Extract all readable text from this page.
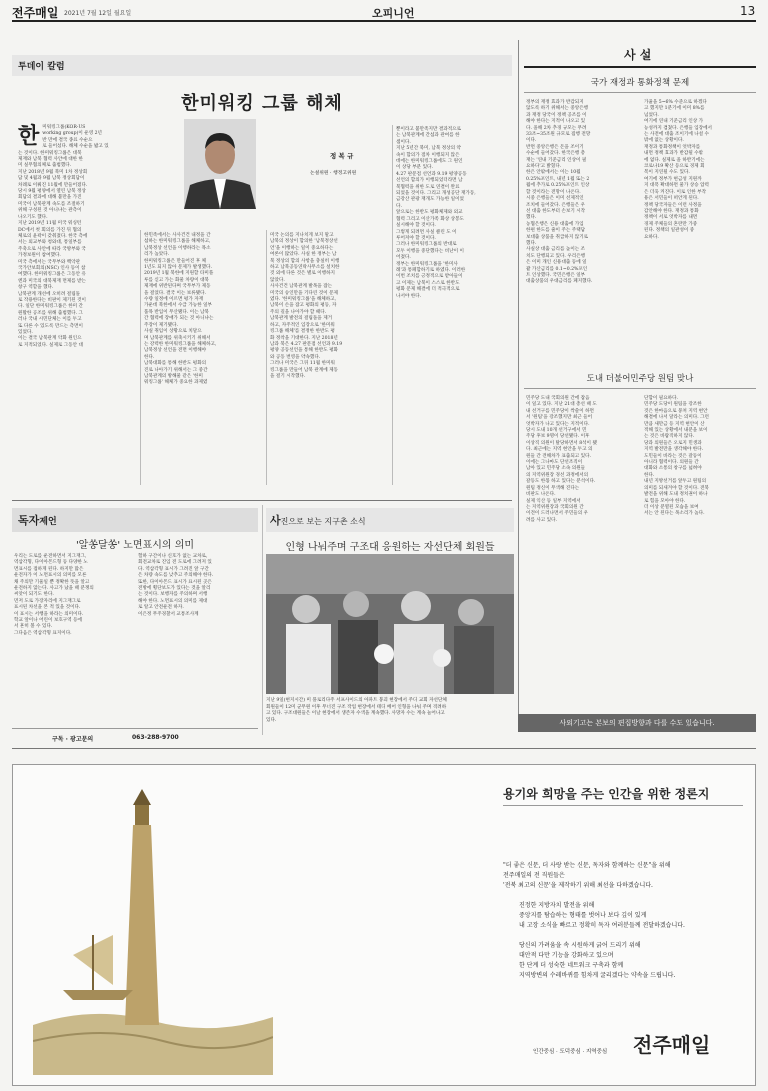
전주매일 2021년 7월 12일 월요일	오피니언	13
투데이 칼럼
한미워킹 그룹 해체
정 복 규
논설위원 · 행정고위원
한 미워킹그룹(KOR-US
working group)이 운영 2년
반 만에 결국 종료 수순으
로 들어섰다. 해체 수순을 밟고 있
는 것이다. 한미워킹그룹은 대북
제재와 남북 협력 사안에 대한 한
미 실무협의체로 출범했다.
지난 2018년 9월 북미 1차 정상회
담 및 4월과 9월 남북 정상회담이
차례로 이뤄진 11월에 만들어졌다.
당시 9월 평양에서 열린 남북 정상
회담의 결과에 대해 불만을 가진
미국이 남북관계 속도를 조절하기
위해 구성된 것 아니냐는 관측이
나오기도 했다.
지난 2019년 11월 미국 워싱턴
DC에서 첫 회의를 가진 뒤 협의
체로의 윤곽이 갖춰졌다. 한국 측에
서는 외교부와 청와대, 통일부를
주축으로 사안에 따라 국방부와 국
가정보원이 참여했다.
미국 측에서는 국무부와 백악관
국가안보회의(NSC) 인사 등이 참
여했다. 한미워킹그룹은 그동안 유
엔과 미국의 대북제재 면제를 받는
창구 역할을 했다.
남북관계 개선에 오히려 걸림돌
로 작용한다는 비판이 제기된 것이
다. 일단 한미워킹그룹은 한미 간
원활한 공조를 위해 출범했다. 그
러나 국내 시민단체는 이를 두고
또 다른 수 있도록 만드는 측면이
있었다.
이는 결국 남북관계 악화 원인으
로 지적되었다. 실제로 그동안 대
한민족에서는 사사건건 내정을 간
섭하는 한미워킹그룹을 해체하고,
남북정상 선언을 이행하라는 목소
리가 높았다.
한미워킹그룹은 만들어진 후 체
1년도 되지 않아 문제가 발생했다.
2019년 1월 북한에 지원할 타미플
루를 싣고 가는 화물 차량이 대북
제재에 위반된다며 국무부가 제동
을 걸었다. 결국 이는 보류됐다.
수량 일정에 이르면 평가 자재
가운데 북한에서 수급 가능한 일부
품목 반입이 무산됐다. 이는 남북
간 협력에 장애가 되는 것 아니냐는
주장이 제기됐다.
사실 취임이 상황으로 치달으
며 남북관계를 위축시키기 위해서
는 강력한 한미워킹그룹을 해체하고,
남북정상 선언을 전면 이행해야
한다.
남북대화를 통해 한반도 평화의
진로 나아가기 위해서는 그 중간
남북관계의 방해물 같은 '한미
워킹그룹' 해체가 중요한 과제였
미국 논의를 지나치게 보지 말고
남북의 정상이 합의한 '남북정상선
언'을 이행하는 일이 중요하다는
여론이 많았다. 사실 한 정부는 남
북 정상의 합의 사항을 충실히 이행
하고 남북공동연락사무소를 설치한
것 외에 다른 것은 별로 이행하지
않았다.
사사건건 남북관계 발목을 잡는
미국의 승인만을 기다린 것이 문제
였다. '한미워킹그룹'을 해체하고,
남북이 손을 잡고 평화의 평등, 자
주의 길을 나아가야 할 때다.
남북관계 발전의 걸림돌을 제거
하고, 자주적인 입장으로 '한미워
킹그룹 해체'를 결정한 한반도 평
화 정착을 기대한다. 지난 2018년
남과 북은 4.27 판문점 선언과 9.19
평양 공동선언을 통해 한반도 평화
와 공동 번영을 약속했다.
그러나 미국은 그뒤 11월 한미워
킹그룹을 만들어 남북 관계에 제동
을 걸기 시작했다.
뿐이라고 불만족지만 결과적으로
는 남북관계에 간섭과 관여를 한
셈이다.
지난 5년간 북미, 남북 정상의 약
속이 합의가 점차 이행되지 않은
데에는 한미워킹그룹에도 그 원인
이 상당 부분 있다.
4.27 판문점 선언과 9.19 평양공동
선언의 합의가 이행되었더라면 남
북협력을 위한 도로 연결이 완료
되었을 것이다. 그리고 개성공단 재가동,
금강산 관광 재개도 가능한 일이었
다.
앞으로는 한반도 평화체제와 외교
협력 그리고 이산가족 화상 상봉도
실시해야 할 것이다.
그렇게 되려면 사실 클린 도 이
루어져야 할 것이다.
그러나 한미워킹그룹의 반대로
모두 이행을 중단했다는 비난이 이
어졌다.
정부는 한미워킹그룹을 '한미사
례'과 통폐합하기로 하였다. 이러한
이번 조치를 긍정적으로 받아들이
고 이제는 남북이 스스로 한반도
평화 문제 해결에 더 적극적으로
나서야 한다.
사 설
국가 재정과 통화정책 문제
정부의 재정 효과가 반감되지
않도록 하기 위해서는 중앙은행
과 재정 당국이 정책 공조를 이
해야 한다는 지적이 나오고 있
다. 올해 2차 추경 규모는 무려
33조~35조원 규모로 집행 전망
이다.
반면 중앙은행은 돈을 조이기
수순에 들어갔다. 한국은행 총
재는 '연내 기준금리 인상이 필
요하다'고 밝혔다.
한은 안팎에서는 이는 10월
0.25%포인트, 내년 1월 또는 2
월에 추가로 0.25%포인트 인상
할 것이라는 전망이 나온다.
시중 은행들은 이미 선제적인
조치에 들어갔다. 은행들은 우
선 대출 한도부터 손보기 시작
했다.
농협은행은 신용 대출에 가입
한편 한도를 줄이 주는 주택담
보대출 상품을 취급하지 않기로
했다.
사실상 대출 금리를 높이는 조
치도 단행되고 있다. 우리은행
은 이미 개인 신용대출 등에 일
괄 가산금리를 0.1~0.2%포인
트 인상했다. 국민은행은 일부
대출상품의 우대금리를 폐지했다.
가율을 5~6% 수준으로 하겠다
고 했지만 1분기에 이미 8%를
넘었다.
여기에 연내 기준금리 인상 가
능성까지 겹쳤다. 은행들 입장에서
는 사전에 대출 조이기에 나설 수
밖에 없는 상황이다.
재정과 통화정책이 엇박자를
내면 정책 효과가 반감될 수밖
에 없다. 실제로 올 하반기에는
코로나19 확산 등으로 경제 회
복이 지연될 수도 있다.
여기에 정부가 현금성 지원까
지 대폭 확대하면 물가 상승 압력
은 더욱 커진다. 이로 인한 부작
용은 서민들이 떠안게 된다.
정책 당국자들은 이런 사정을
감안해야 한다. 재정과 통화
정책이 서로 엇박자를 내면
경제 주체들의 혼란만 가중
된다. 정책의 일관성이 중
요하다.
도내 더불어민주당 원팀 맞나
민주당 도내 국회의원 간에 잡음
이 일고 있다. 지난 21대 총선 때 도
내 선거구를 민주당이 싹쓸이 하면
서 '원팀'을 강조했지만 최근 들어
엇박자가 나고 있다는 지적이다.
당시 도내 10개 선거구에서 민
주당 후보 9명이 당선됐다. 이후
이상직 의원이 탈당하면서 8석이 됐
다. 최근에는 지역 현안을 두고 의
원들 간 견해차가 표출되고 있다.
이에는 그나마도 단선조직이
남아 있고 민주당 소속 의원들
의 지역위원장 경선 과정에서의
갈등도 한몫 하고 있다는 분석이다.
원팀 정신이 무색해 진다는
비판도 나온다.
실제 익산 등 일부 지역에서
는 지역위원장과 국회의원 간
이견이 드러나면서 주민들의 우
려를 사고 있다.
단합이 필요하다.
민주당 도당이 원팀을 강조한
것은 한마음으로 뭉쳐 지역 현안
해결에 나서 달라는 의미다. 그런
만큼 새만금 등 지역 현안이 산
적해 있는 상황에서 내분을 보이
는 것은 바람직하지 않다.
당과 의원들은 오로지 민생과
지역 발전만을 생각해야 한다.
도민들이 바라는 것은 갈등이
아니라 협력이다. 의원들 간
대화와 소통의 창구를 넓혀야
한다.
내년 지방선거를 앞두고 원팀의
의미를 되새겨야 할 것이다. 전북
발전을 위해 도내 정치권이 하나
로 힘을 모아야 한다.
더 이상 분열된 모습을 보여
서는 안 된다는 목소리가 높다.
사외기고는 본보의 편집방향과 다를 수도 있습니다.
독자제언
'알쏭달쏭' 노면표시의 의미
우리는 도로를 운전하면서 지그재그,
역삼각형, 다이아몬드형 등 다양한 노
면표시를 접하게 된다. 하지만 많은
운전자가 이 노면표시의 의미를 모른
채 주의만 기울일 뿐 정확한 뜻을 알고
운전하지 않는다. 사고가 났을 때 분쟁의
씨앗이 되기도 한다.
먼저 도로 가장자리에 지그재그로
표시된 차선을 본 적 있을 것이다.
이 표시는 서행을 하라는 의미이다.
학교 앞이나 어린이 보호구역 등에
서 흔히 볼 수 있다.
그다음은 역삼각형 표지이다.
험하 구간이나 신호가 없는 교차로,
회전교차로 진입 전 도로에 그려져 있
다. 역삼각형 표시가 그려진 앞 구간
은 차량 속도를 낮추고 주의해야 한다.
또한, 다이아몬드 표시가 표시된 곳은
전방에 횡단보도가 있다는 것을 알리
는 것이다. 보행자를 주의하며 서행
해야 한다. 노면표시의 의미를 제대
로 알고 안전운전 하자.
이은정 무주경찰서 교통조사계
구독 · 광고문의	063-288-9700
사진으로 보는 지구촌 소식
인형 나눠주며 구조대 응원하는 자선단체 회원들
지난 9일(현지시간) 미 플로리다주 서프사이드의 아파트 붕괴 현장에서 주디 교회 자선단체
회원들이 12미 군무원 이후 무너진 구조 작업 현장에서 테디 베어 인형을 나눠 주며 격려하
고 있다. 구조대원들은 이날 현장에서 생존자 수색을 계속했다. 사망자 수는 계속 늘어나고
있다.
용기와 희망을 주는 인간을 위한 정론지
"더 좋은 신문, 더 사랑 받는 신문, 독자와 함께하는 신문"을 위해
전주매일의 전 직원들은
'전북 최고의 신문'을 제작하기 위해 최선을 다하겠습니다.
진정한 지방자치 발전을 위해
중앙지를 탐습하는 형태를 벗어나 보다 깊이 있게
내 고장 소식을 빠르고 정확히 독자 여러분들께 전달하겠습니다.
당신의 가려움을 속 시원하게 긁어 드리기 위해
대안적 다만 기능을 강화하고 있으며
한 단계 더 성숙한 네트워크 구축과 함께
지역방변의 수레바퀴를 힘차게 굴리겠다는 약속을 드립니다.
인간중심 · 도덕중심 · 지역중심 전주매일
